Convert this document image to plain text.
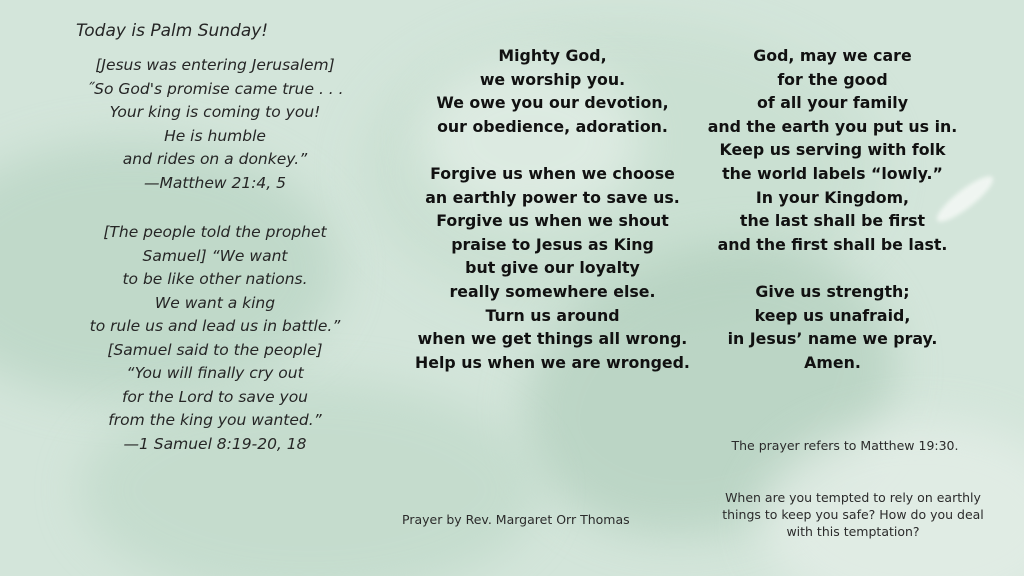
Today is Palm Sunday!
[Jesus was entering Jerusalem]
˝So God's promise came true . . .
Your king is coming to you!
He is humble
and rides on a donkey.”
—Matthew 21:4, 5
[The people told the prophet
Samuel] “We want
to be like other nations.
We want a king
to rule us and lead us in battle.”
[Samuel said to the people]
“You will finally cry out
for the Lord to save you
from the king you wanted.”
—1 Samuel 8:19-20, 18
Mighty God,
we worship you.
We owe you our devotion,
our obedience, adoration.
Forgive us when we choose
an earthly power to save us.
Forgive us when we shout
praise to Jesus as King
but give our loyalty
really somewhere else.
Turn us around
when we get things all wrong.
Help us when we are wronged.
God, may we care
for the good
of all your family
and the earth you put us in.
Keep us serving with folk
the world labels “lowly.”
In your Kingdom,
the last shall be first
and the first shall be last.
Give us strength;
keep us unafraid,
in Jesus’ name we pray.
Amen.
Prayer by Rev. Margaret Orr Thomas
The prayer refers to Matthew 19:30.
When are you tempted to rely on earthly things to keep you safe? How do you deal with this temptation?
